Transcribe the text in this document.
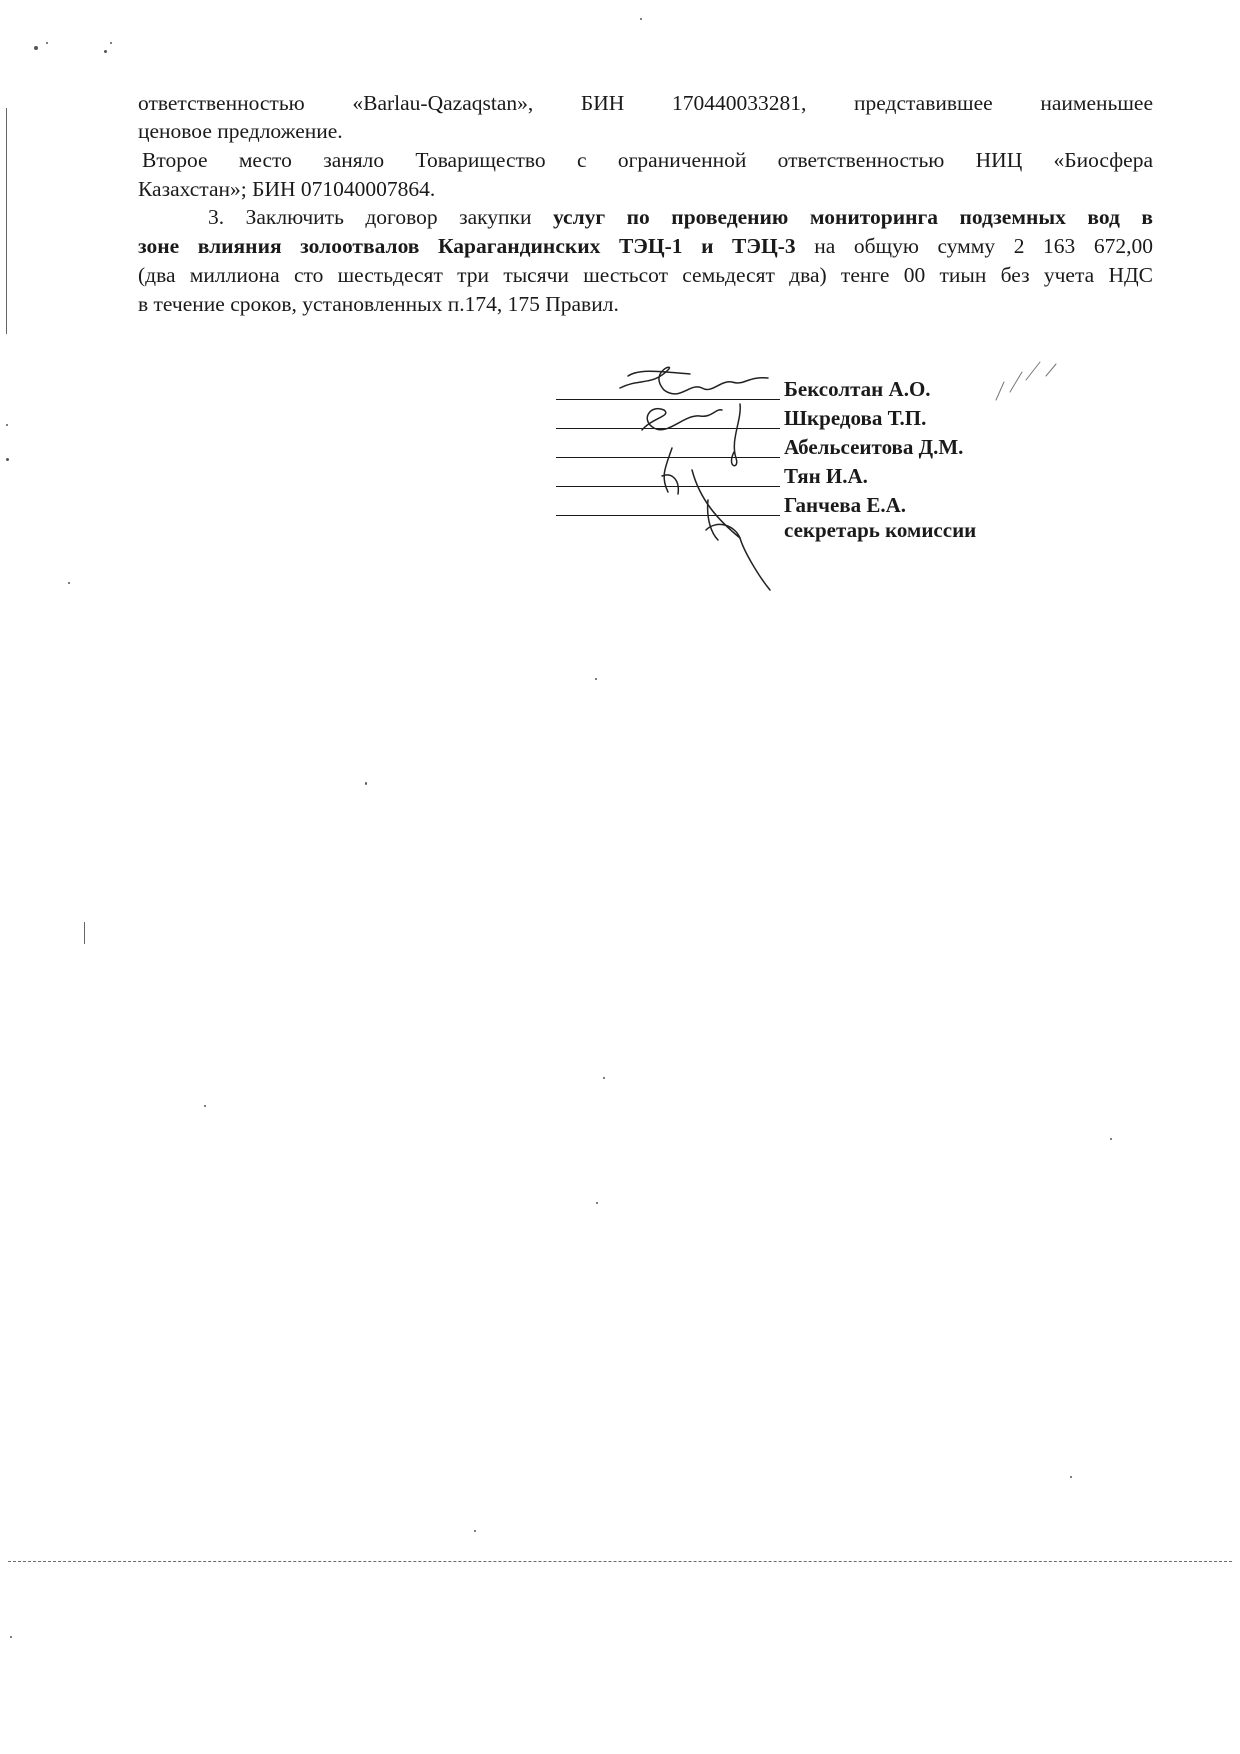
ответственностью «Barlau-Qazaqstan», БИН 170440033281, представившее наименьшее

ценовое предложение.

Второе место заняло Товарищество с ограниченной ответственностью НИЦ «Биосфера

Казахстан»; БИН 071040007864.

3. Заключить договор закупки услуг по проведению мониторинга подземных вод в

зоне влияния золоотвалов Карагандинских ТЭЦ-1 и ТЭЦ-3 на общую сумму 2 163 672,00

(два миллиона сто шестьдесят три тысячи шестьсот семьдесят два) тенге 00 тиын без учета НДС

в течение сроков, установленных п.174, 175 Правил.

Бексолтан А.О.
Шкредова Т.П.
Абельсеитова Д.М.
Тян И.А.
Ганчева Е.А.
секретарь комиссии
